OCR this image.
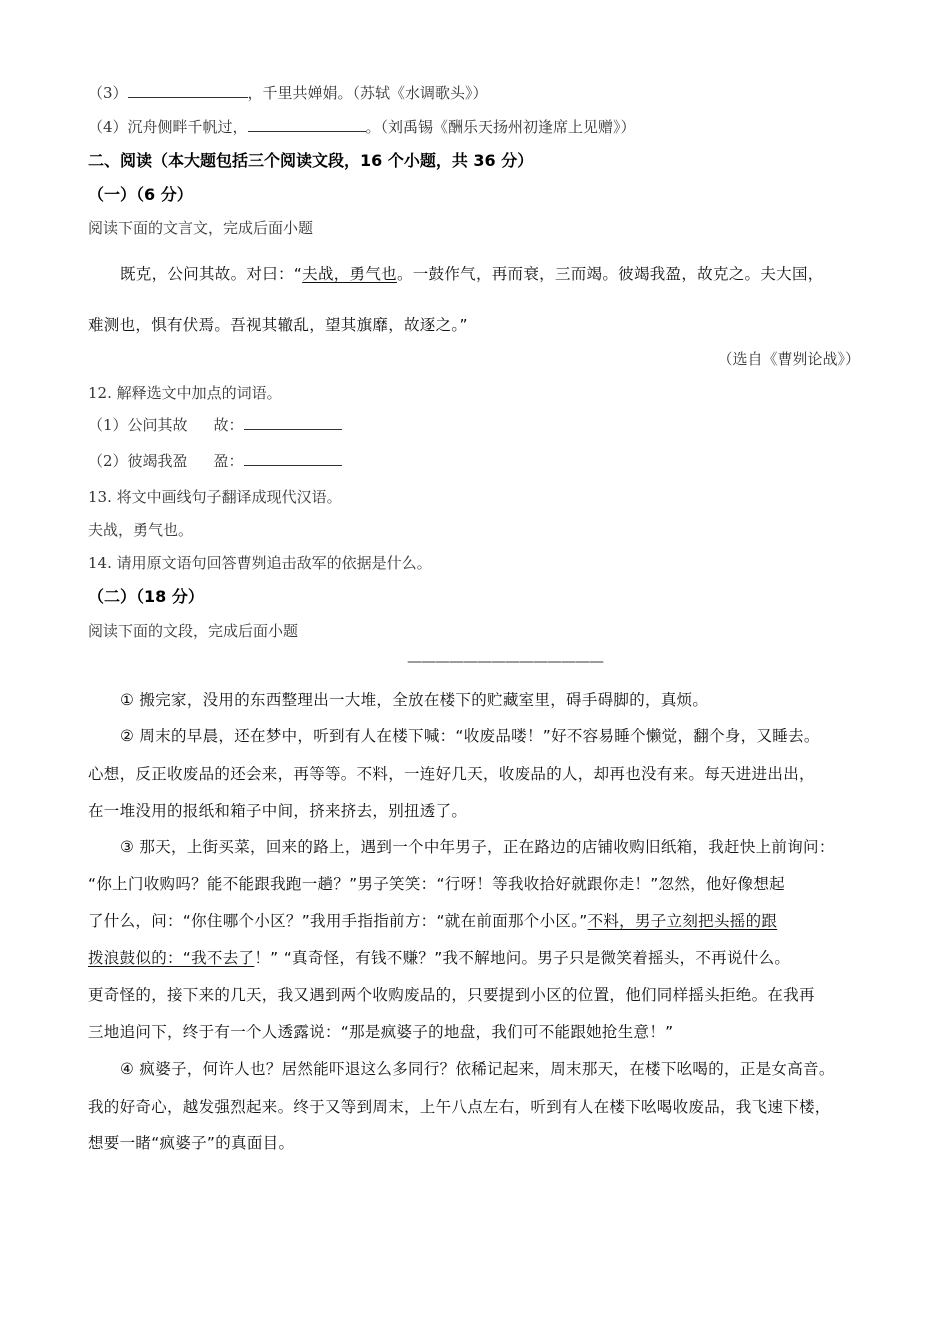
（3）	，千里共婵娟。（苏轼《水调歌头》）
（4）沉舟侧畔千帆过，	。（刘禹锡《酬乐天扬州初逢席上见赠》）
二、阅读（本大题包括三个阅读文段，16 个小题，共 36 分）
（一）（6 分）
阅读下面的文言文，完成后面小题
既克，公问其故。对曰：“夫战，勇气也。一鼓作气，再而衰，三而竭。彼竭我盈，故克之。夫大国，
难测也，惧有伏焉。吾视其辙乱，望其旗靡，故逐之。”
（选自《曹刿论战》）
12. 解释选文中加点的词语。
（1）公问其故 故：
（2）彼竭我盈 盈：
13. 将文中画线句子翻译成现代汉语。
夫战，勇气也。
14. 请用原文语句回答曹刿追击敌军的依据是什么。
（二）（18 分）
阅读下面的文段，完成后面小题
——————————————
① 搬完家，没用的东西整理出一大堆，全放在楼下的贮藏室里，碍手碍脚的，真烦。
② 周末的早晨，还在梦中，听到有人在楼下喊：“收废品喽！”好不容易睡个懒觉，翻个身，又睡去。
心想，反正收废品的还会来，再等等。不料，一连好几天，收废品的人，却再也没有来。每天进进出出，
在一堆没用的报纸和箱子中间，挤来挤去，别扭透了。
③ 那天，上街买菜，回来的路上，遇到一个中年男子，正在路边的店铺收购旧纸箱，我赶快上前询问：
“你上门收购吗？能不能跟我跑一趟？”男子笑笑：“行呀！等我收拾好就跟你走！”忽然，他好像想起
了什么，问：“你住哪个小区？”我用手指指前方：“就在前面那个小区。”不料，男子立刻把头摇的跟
拨浪鼓似的：“我不去了！” “真奇怪，有钱不赚？”我不解地问。男子只是微笑着摇头，不再说什么。
更奇怪的，接下来的几天，我又遇到两个收购废品的，只要提到小区的位置，他们同样摇头拒绝。在我再
三地追问下，终于有一个人透露说：“那是疯婆子的地盘，我们可不能跟她抢生意！”
④ 疯婆子，何许人也？居然能吓退这么多同行？依稀记起来，周末那天，在楼下吆喝的，正是女高音。
我的好奇心，越发强烈起来。终于又等到周末，上午八点左右，听到有人在楼下吆喝收废品，我飞速下楼，
想要一睹“疯婆子”的真面目。
